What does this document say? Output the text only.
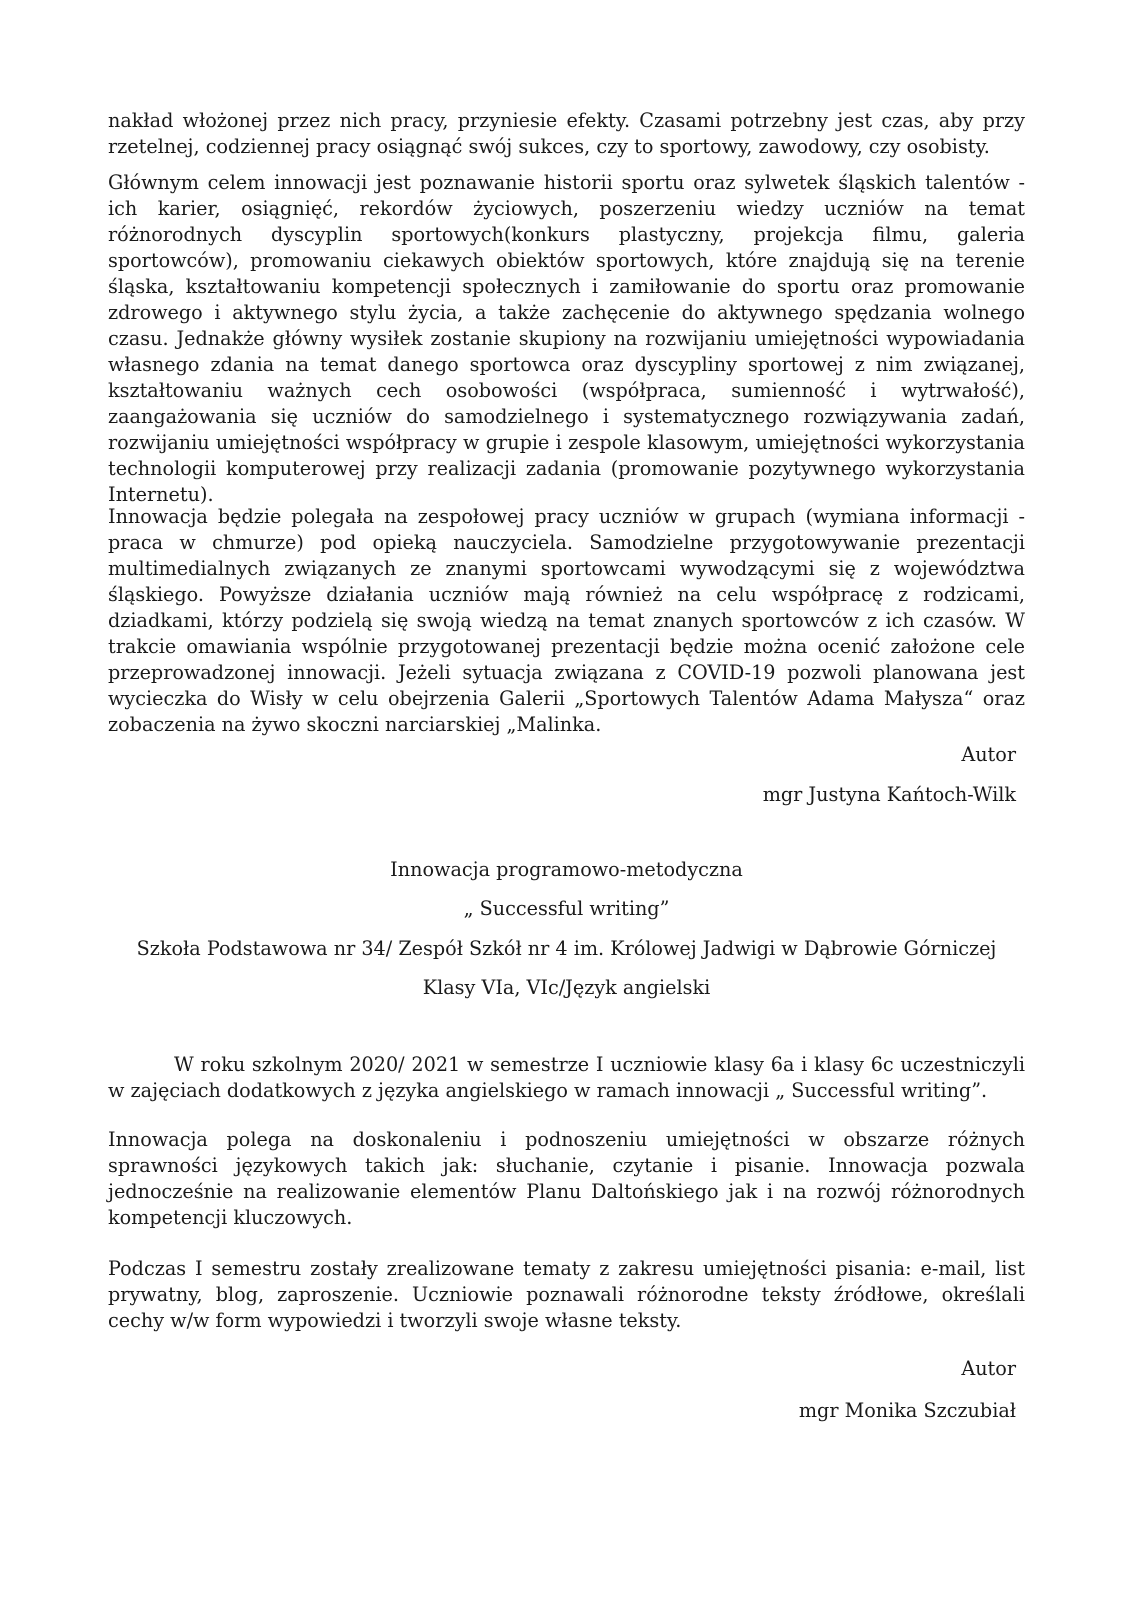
nakład włożonej przez nich pracy, przyniesie efekty. Czasami potrzebny jest czas, aby przy rzetelnej, codziennej pracy osiągnąć swój sukces, czy to sportowy, zawodowy, czy osobisty.

Głównym celem innowacji jest poznawanie historii sportu oraz sylwetek śląskich talentów - ich karier, osiągnięć, rekordów życiowych, poszerzeniu wiedzy uczniów na temat różnorodnych dyscyplin sportowych(konkurs plastyczny, projekcja filmu, galeria sportowców), promowaniu ciekawych obiektów sportowych, które znajdują się na terenie śląska, kształtowaniu kompetencji społecznych i zamiłowanie do sportu oraz promowanie zdrowego i aktywnego stylu życia, a także zachęcenie do aktywnego spędzania wolnego czasu. Jednakże główny wysiłek zostanie skupiony na rozwijaniu umiejętności wypowiadania własnego zdania na temat danego sportowca oraz dyscypliny sportowej z nim związanej, kształtowaniu ważnych cech osobowości (współpraca, sumienność i wytrwałość), zaangażowania się uczniów do samodzielnego i systematycznego rozwiązywania zadań, rozwijaniu umiejętności współpracy w grupie i zespole klasowym, umiejętności wykorzystania technologii komputerowej przy realizacji zadania (promowanie pozytywnego wykorzystania Internetu).

Innowacja będzie polegała na zespołowej pracy uczniów w grupach (wymiana informacji - praca w chmurze) pod opieką nauczyciela. Samodzielne przygotowywanie prezentacji multimedialnych związanych ze znanymi sportowcami wywodzącymi się z województwa śląskiego. Powyższe działania uczniów mają również na celu współpracę z rodzicami, dziadkami, którzy podzielą się swoją wiedzą na temat znanych sportowców z ich czasów. W trakcie omawiania wspólnie przygotowanej prezentacji będzie można ocenić założone cele przeprowadzonej innowacji. Jeżeli sytuacja związana z COVID-19 pozwoli planowana jest wycieczka do Wisły w celu obejrzenia Galerii „Sportowych Talentów Adama Małysza“ oraz zobaczenia na żywo skoczni narciarskiej „Malinka.

Autor

mgr Justyna Kańtoch-Wilk

Innowacja programowo-metodyczna

„ Successful writing”

Szkoła Podstawowa nr 34/ Zespół Szkół nr 4 im. Królowej Jadwigi w Dąbrowie Górniczej

Klasy VIa, VIc/Język angielski

W roku szkolnym 2020/ 2021 w semestrze I uczniowie klasy 6a i klasy 6c uczestniczyli w zajęciach dodatkowych z języka angielskiego w ramach innowacji „ Successful writing”.

Innowacja polega na doskonaleniu i podnoszeniu umiejętności w obszarze różnych sprawności językowych takich jak: słuchanie, czytanie i pisanie. Innowacja pozwala jednocześnie na realizowanie elementów Planu Daltońskiego jak i na rozwój różnorodnych kompetencji kluczowych.

Podczas I semestru zostały zrealizowane tematy z zakresu umiejętności pisania: e-mail, list prywatny, blog, zaproszenie. Uczniowie poznawali różnorodne teksty źródłowe, określali cechy w/w form wypowiedzi i tworzyli swoje własne teksty.

Autor

mgr Monika Szczubiał
